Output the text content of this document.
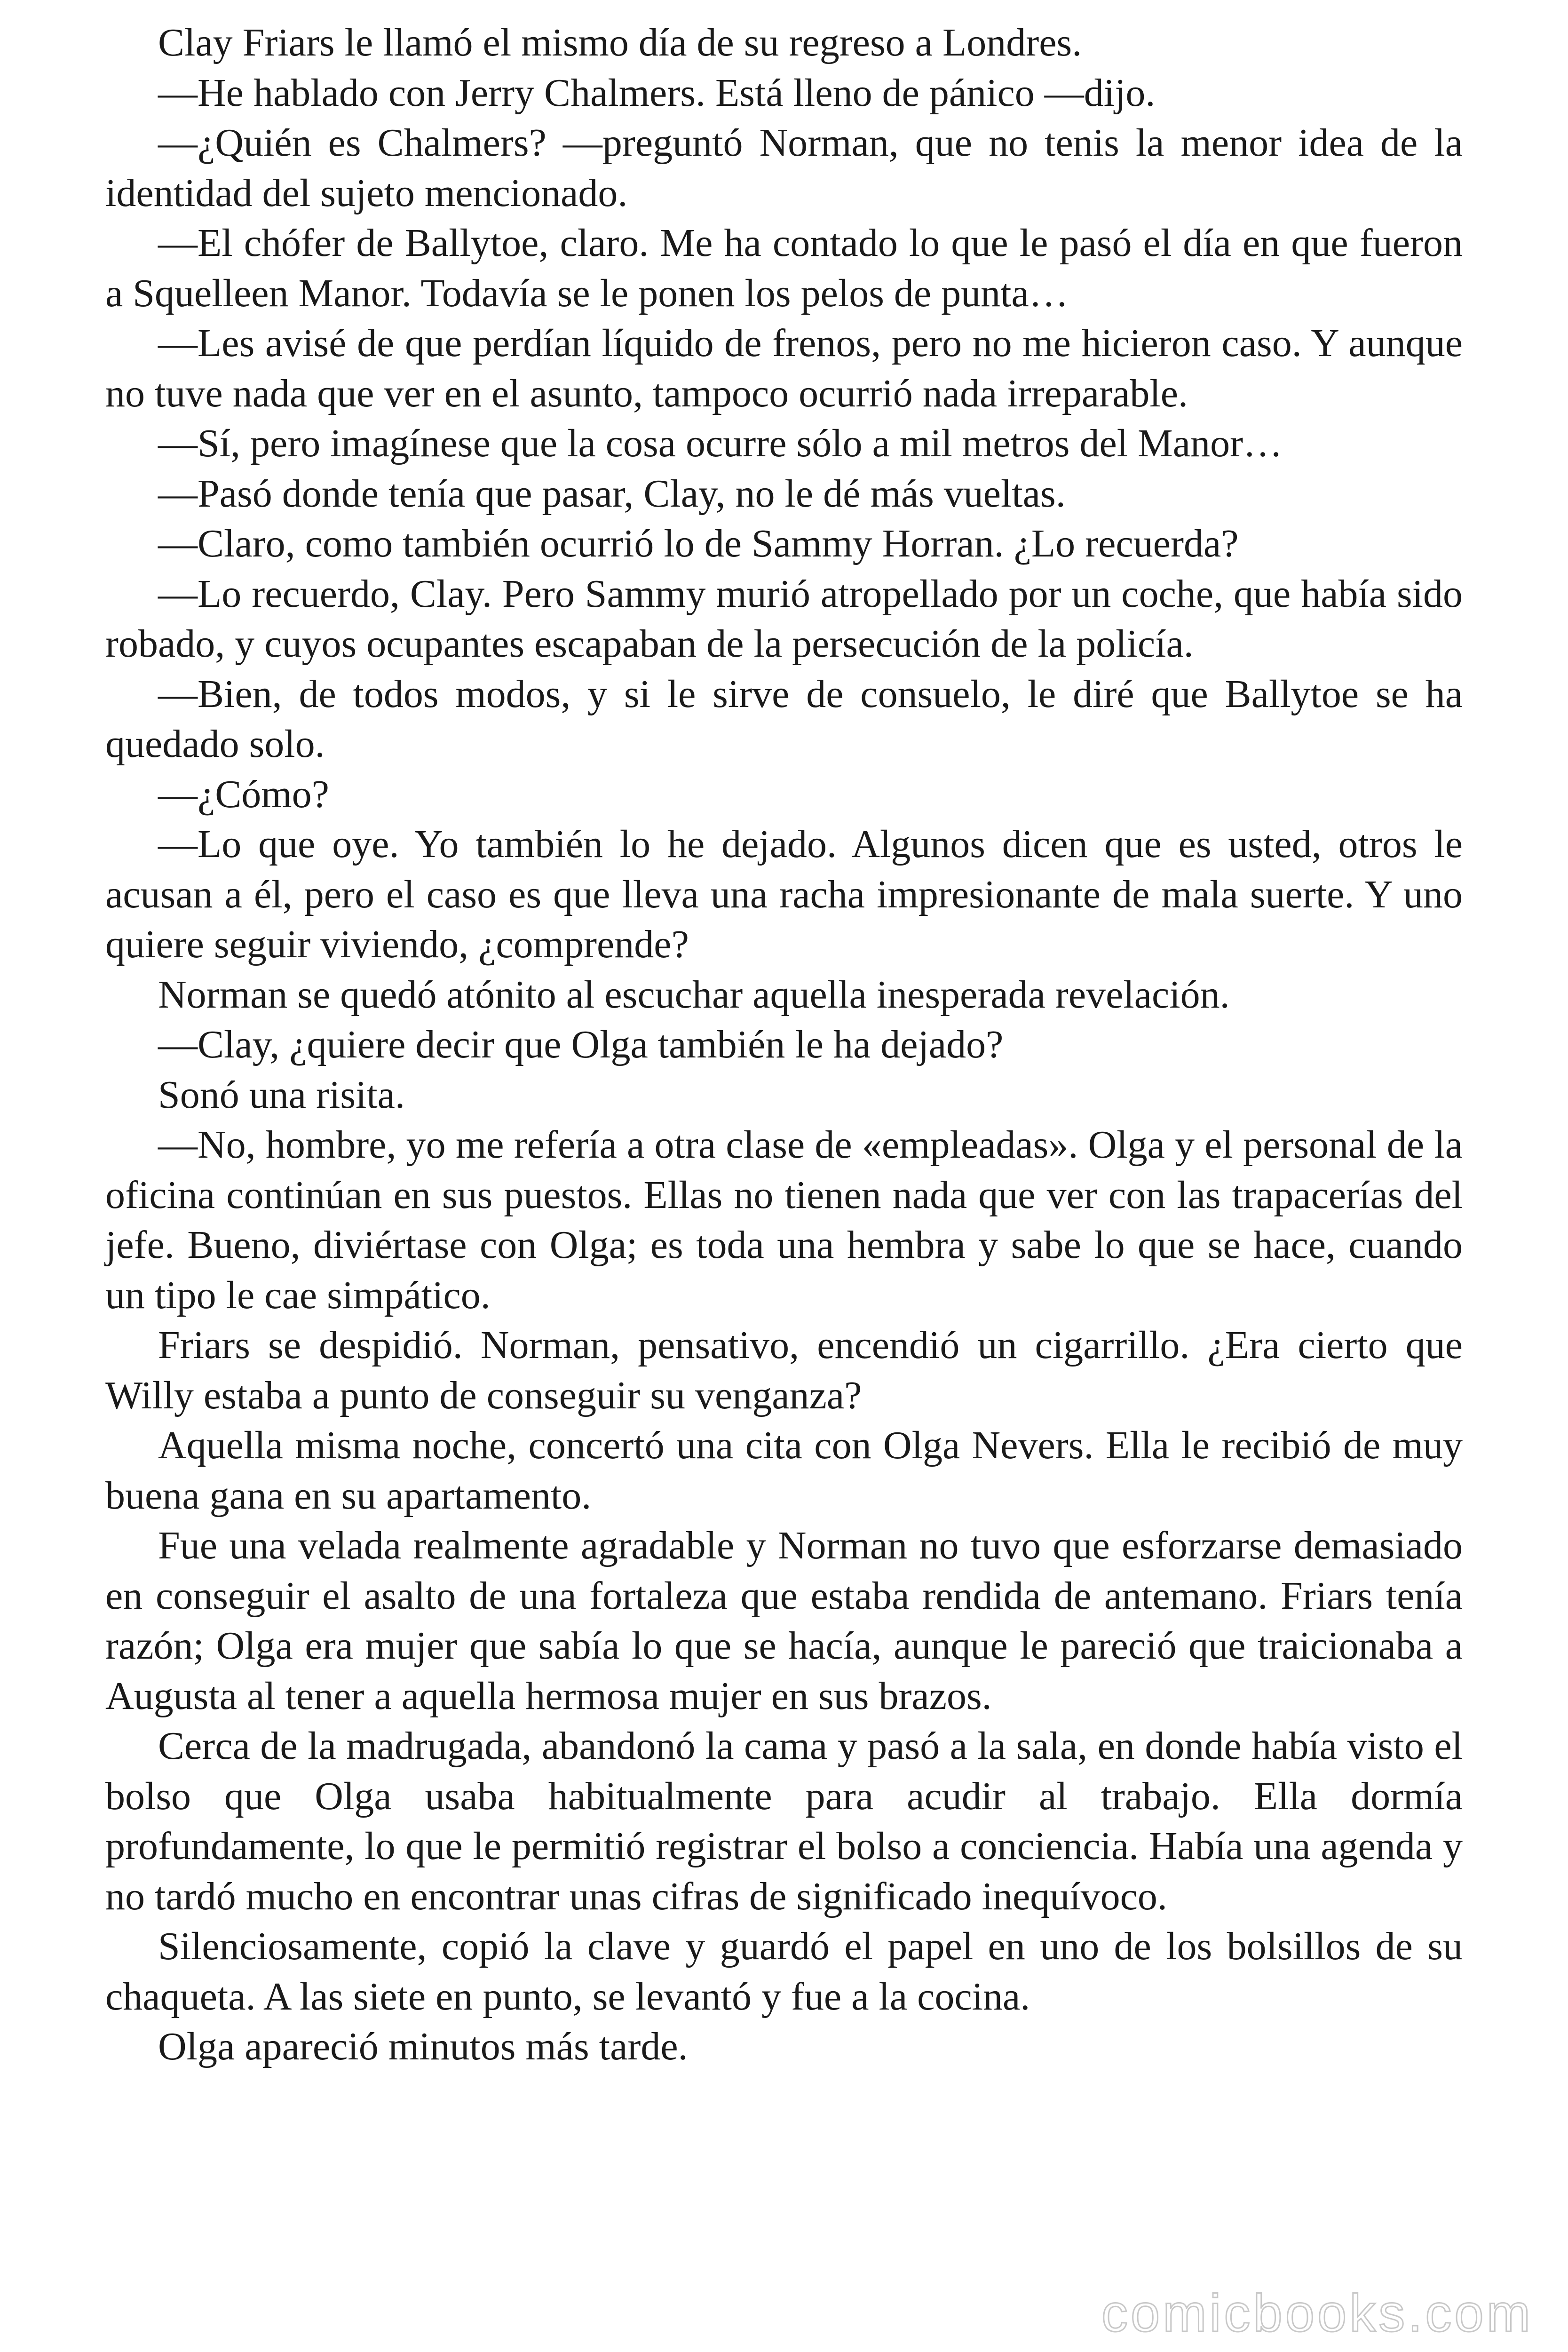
Clay Friars le llamó el mismo día de su regreso a Londres.

—He hablado con Jerry Chalmers. Está lleno de pánico —dijo.

—¿Quién es Chalmers? —preguntó Norman, que no tenis la menor idea de la identidad del sujeto mencionado.

—El chófer de Ballytoe, claro. Me ha contado lo que le pasó el día en que fueron a Squelleen Manor. Todavía se le ponen los pelos de punta…

—Les avisé de que perdían líquido de frenos, pero no me hicieron caso. Y aunque no tuve nada que ver en el asunto, tampoco ocurrió nada irreparable.

—Sí, pero imagínese que la cosa ocurre sólo a mil metros del Manor…

—Pasó donde tenía que pasar, Clay, no le dé más vueltas.

—Claro, como también ocurrió lo de Sammy Horran. ¿Lo recuerda?

—Lo recuerdo, Clay. Pero Sammy murió atropellado por un coche, que había sido robado, y cuyos ocupantes escapaban de la persecución de la policía.

—Bien, de todos modos, y si le sirve de consuelo, le diré que Ballytoe se ha quedado solo.

—¿Cómo?

—Lo que oye. Yo también lo he dejado. Algunos dicen que es usted, otros le acusan a él, pero el caso es que lleva una racha impresionante de mala suerte. Y uno quiere seguir viviendo, ¿comprende?

Norman se quedó atónito al escuchar aquella inesperada revelación.

—Clay, ¿quiere decir que Olga también le ha dejado?

Sonó una risita.

—No, hombre, yo me refería a otra clase de «empleadas». Olga y el personal de la oficina continúan en sus puestos. Ellas no tienen nada que ver con las trapacerías del jefe. Bueno, diviértase con Olga; es toda una hembra y sabe lo que se hace, cuando un tipo le cae simpático.

Friars se despidió. Norman, pensativo, encendió un cigarrillo. ¿Era cierto que Willy estaba a punto de conseguir su venganza?

Aquella misma noche, concertó una cita con Olga Nevers. Ella le recibió de muy buena gana en su apartamento.

Fue una velada realmente agradable y Norman no tuvo que esforzarse demasiado en conseguir el asalto de una fortaleza que estaba rendida de antemano. Friars tenía razón; Olga era mujer que sabía lo que se hacía, aunque le pareció que traicionaba a Augusta al tener a aquella hermosa mujer en sus brazos.

Cerca de la madrugada, abandonó la cama y pasó a la sala, en donde había visto el bolso que Olga usaba habitualmente para acudir al trabajo. Ella dormía profundamente, lo que le permitió registrar el bolso a conciencia. Había una agenda y no tardó mucho en encontrar unas cifras de significado inequívoco.

Silenciosamente, copió la clave y guardó el papel en uno de los bolsillos de su chaqueta. A las siete en punto, se levantó y fue a la cocina.

Olga apareció minutos más tarde.

comicbooks.com
